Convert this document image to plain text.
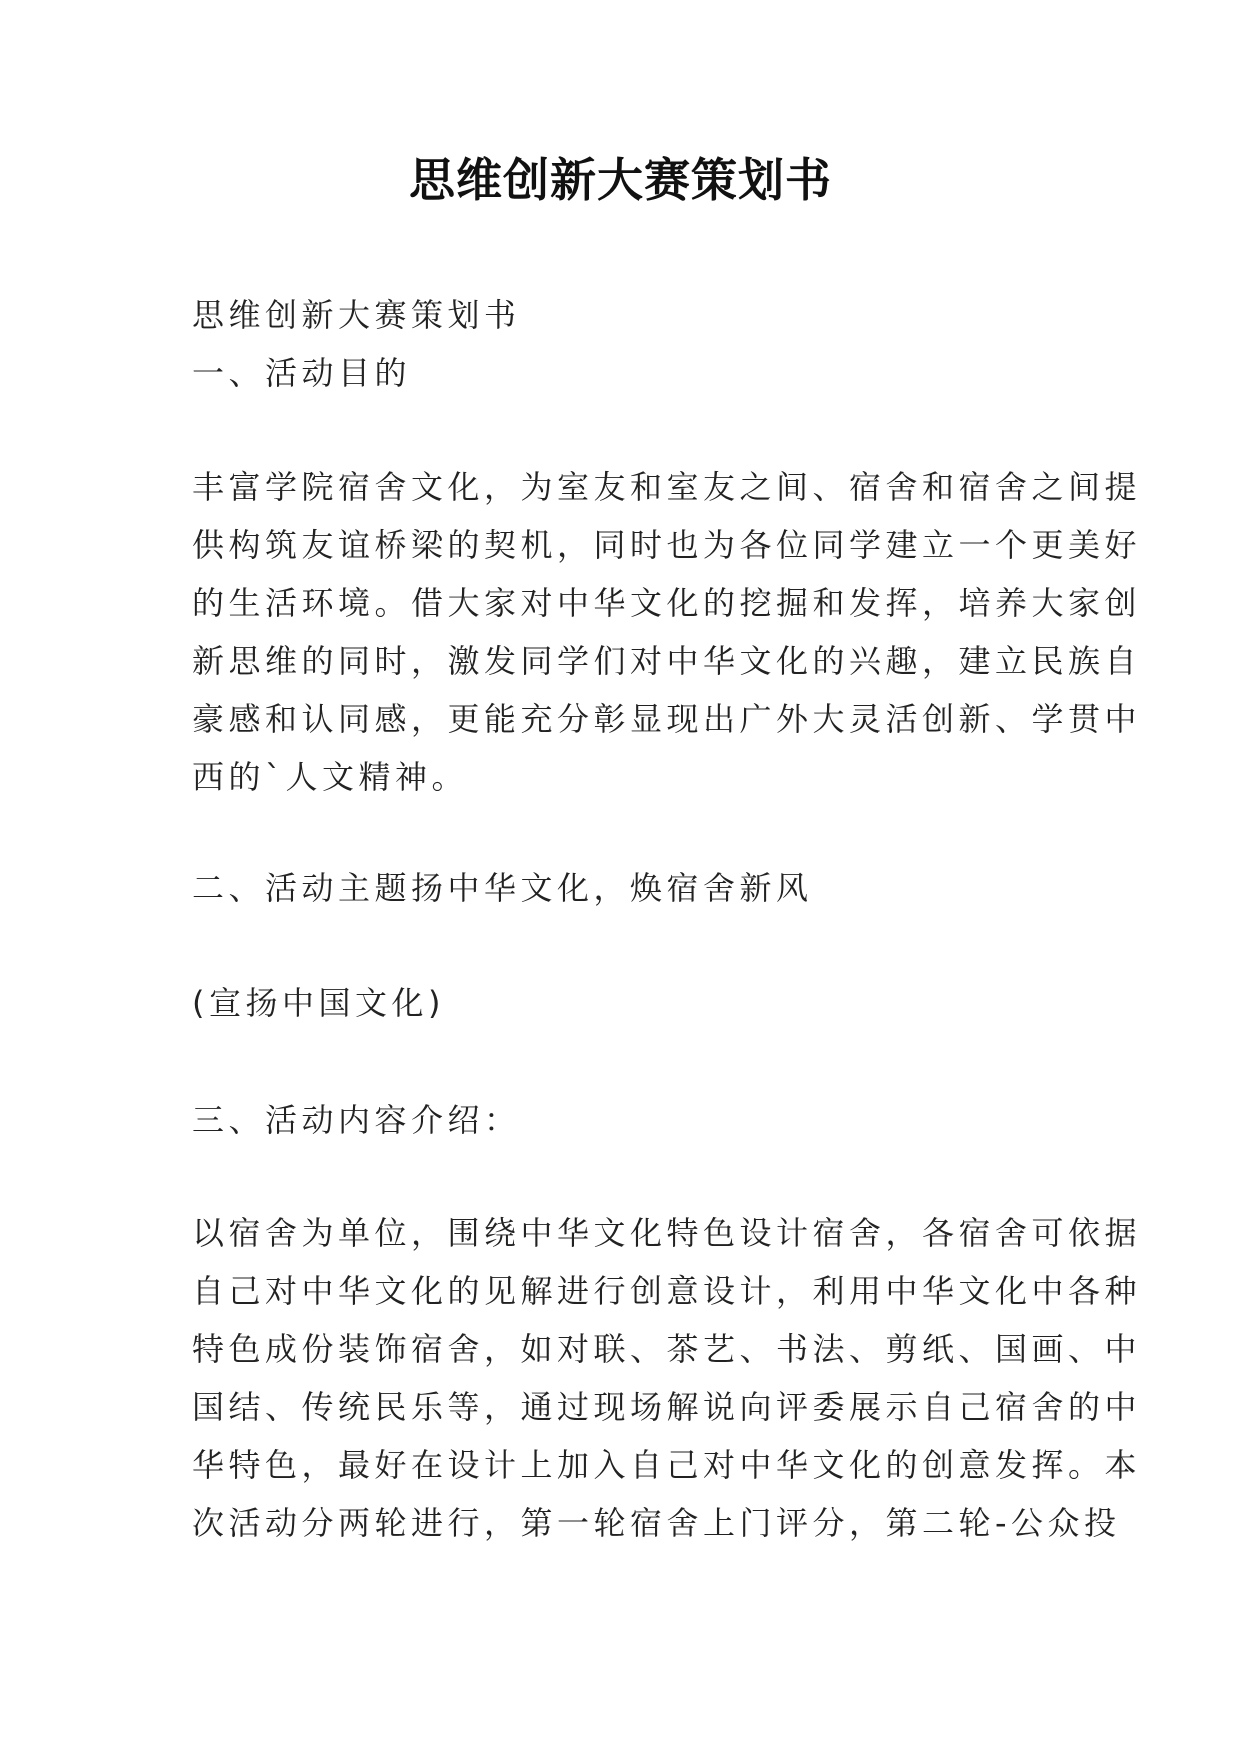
思维创新大赛策划书

思维创新大赛策划书

一、活动目的

丰富学院宿舍文化，为室友和室友之间、宿舍和宿舍之间提
供构筑友谊桥梁的契机，同时也为各位同学建立一个更美好
的生活环境。借大家对中华文化的挖掘和发挥，培养大家创
新思维的同时，激发同学们对中华文化的兴趣，建立民族自
豪感和认同感，更能充分彰显现出广外大灵活创新、学贯中
西的`人文精神。

二、活动主题扬中华文化，焕宿舍新风

(宣扬中国文化)

三、活动内容介绍：

以宿舍为单位，围绕中华文化特色设计宿舍，各宿舍可依据
自己对中华文化的见解进行创意设计，利用中华文化中各种
特色成份装饰宿舍，如对联、茶艺、书法、剪纸、国画、中
国结、传统民乐等，通过现场解说向评委展示自己宿舍的中
华特色，最好在设计上加入自己对中华文化的创意发挥。本
次活动分两轮进行，第一轮宿舍上门评分，第二轮-公众投
